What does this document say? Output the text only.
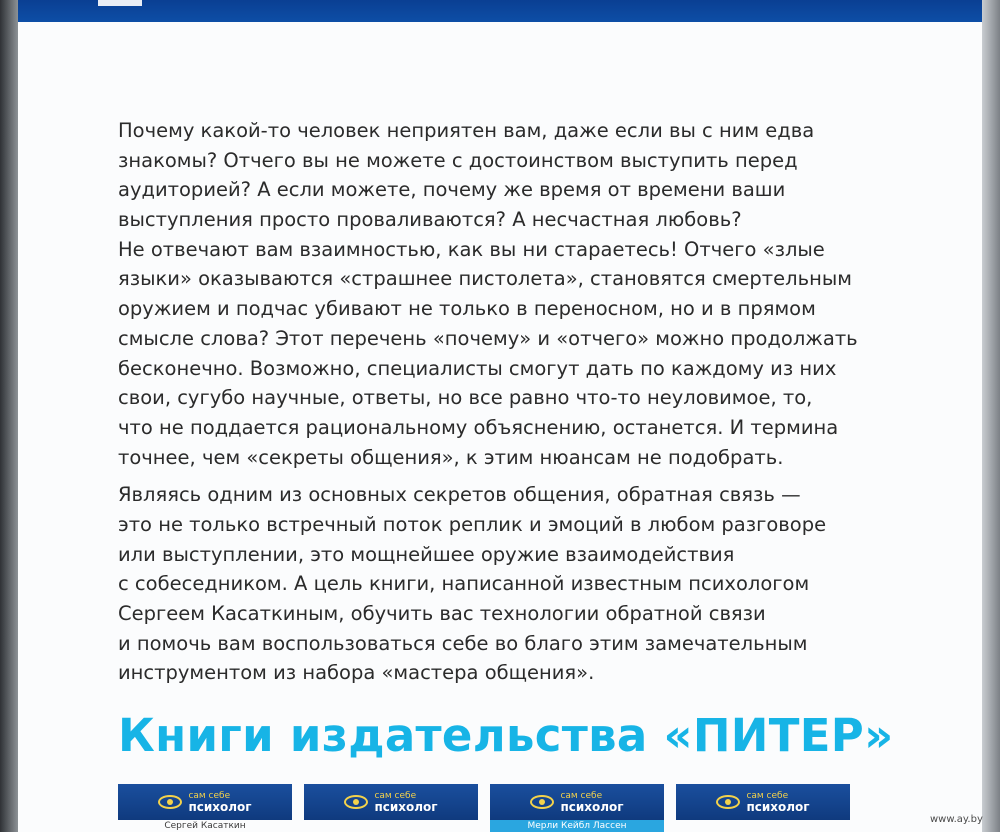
Почему какой-то человек неприятен вам, даже если вы с ним едва
знакомы? Отчего вы не можете с достоинством выступить перед
аудиторией? А если можете, почему же время от времени ваши
выступления просто проваливаются? А несчастная любовь?
Не отвечают вам взаимностью, как вы ни стараетесь! Отчего «злые
языки» оказываются «страшнее пистолета», становятся смертельным
оружием и подчас убивают не только в переносном, но и в прямом
смысле слова? Этот перечень «почему» и «отчего» можно продолжать
бесконечно. Возможно, специалисты смогут дать по каждому из них
свои, сугубо научные, ответы, но все равно что-то неуловимое, то,
что не поддается рациональному объяснению, останется. И термина
точнее, чем «секреты общения», к этим нюансам не подобрать.
Являясь одним из основных секретов общения, обратная связь —
это не только встречный поток реплик и эмоций в любом разговоре
или выступлении, это мощнейшее оружие взаимодействия
с собеседником. А цель книги, написанной известным психологом
Сергеем Касаткиным, обучить вас технологии обратной связи
и помочь вам воспользоваться себе во благо этим замечательным
инструментом из набора «мастера общения».
Книги издательства «ПИТЕР»
сам себе
психолог
Сергей Касаткин
сам себе
психолог
сам себе
психолог
Мерли Кейбл Лассен
сам себе
психолог
www.ay.by
